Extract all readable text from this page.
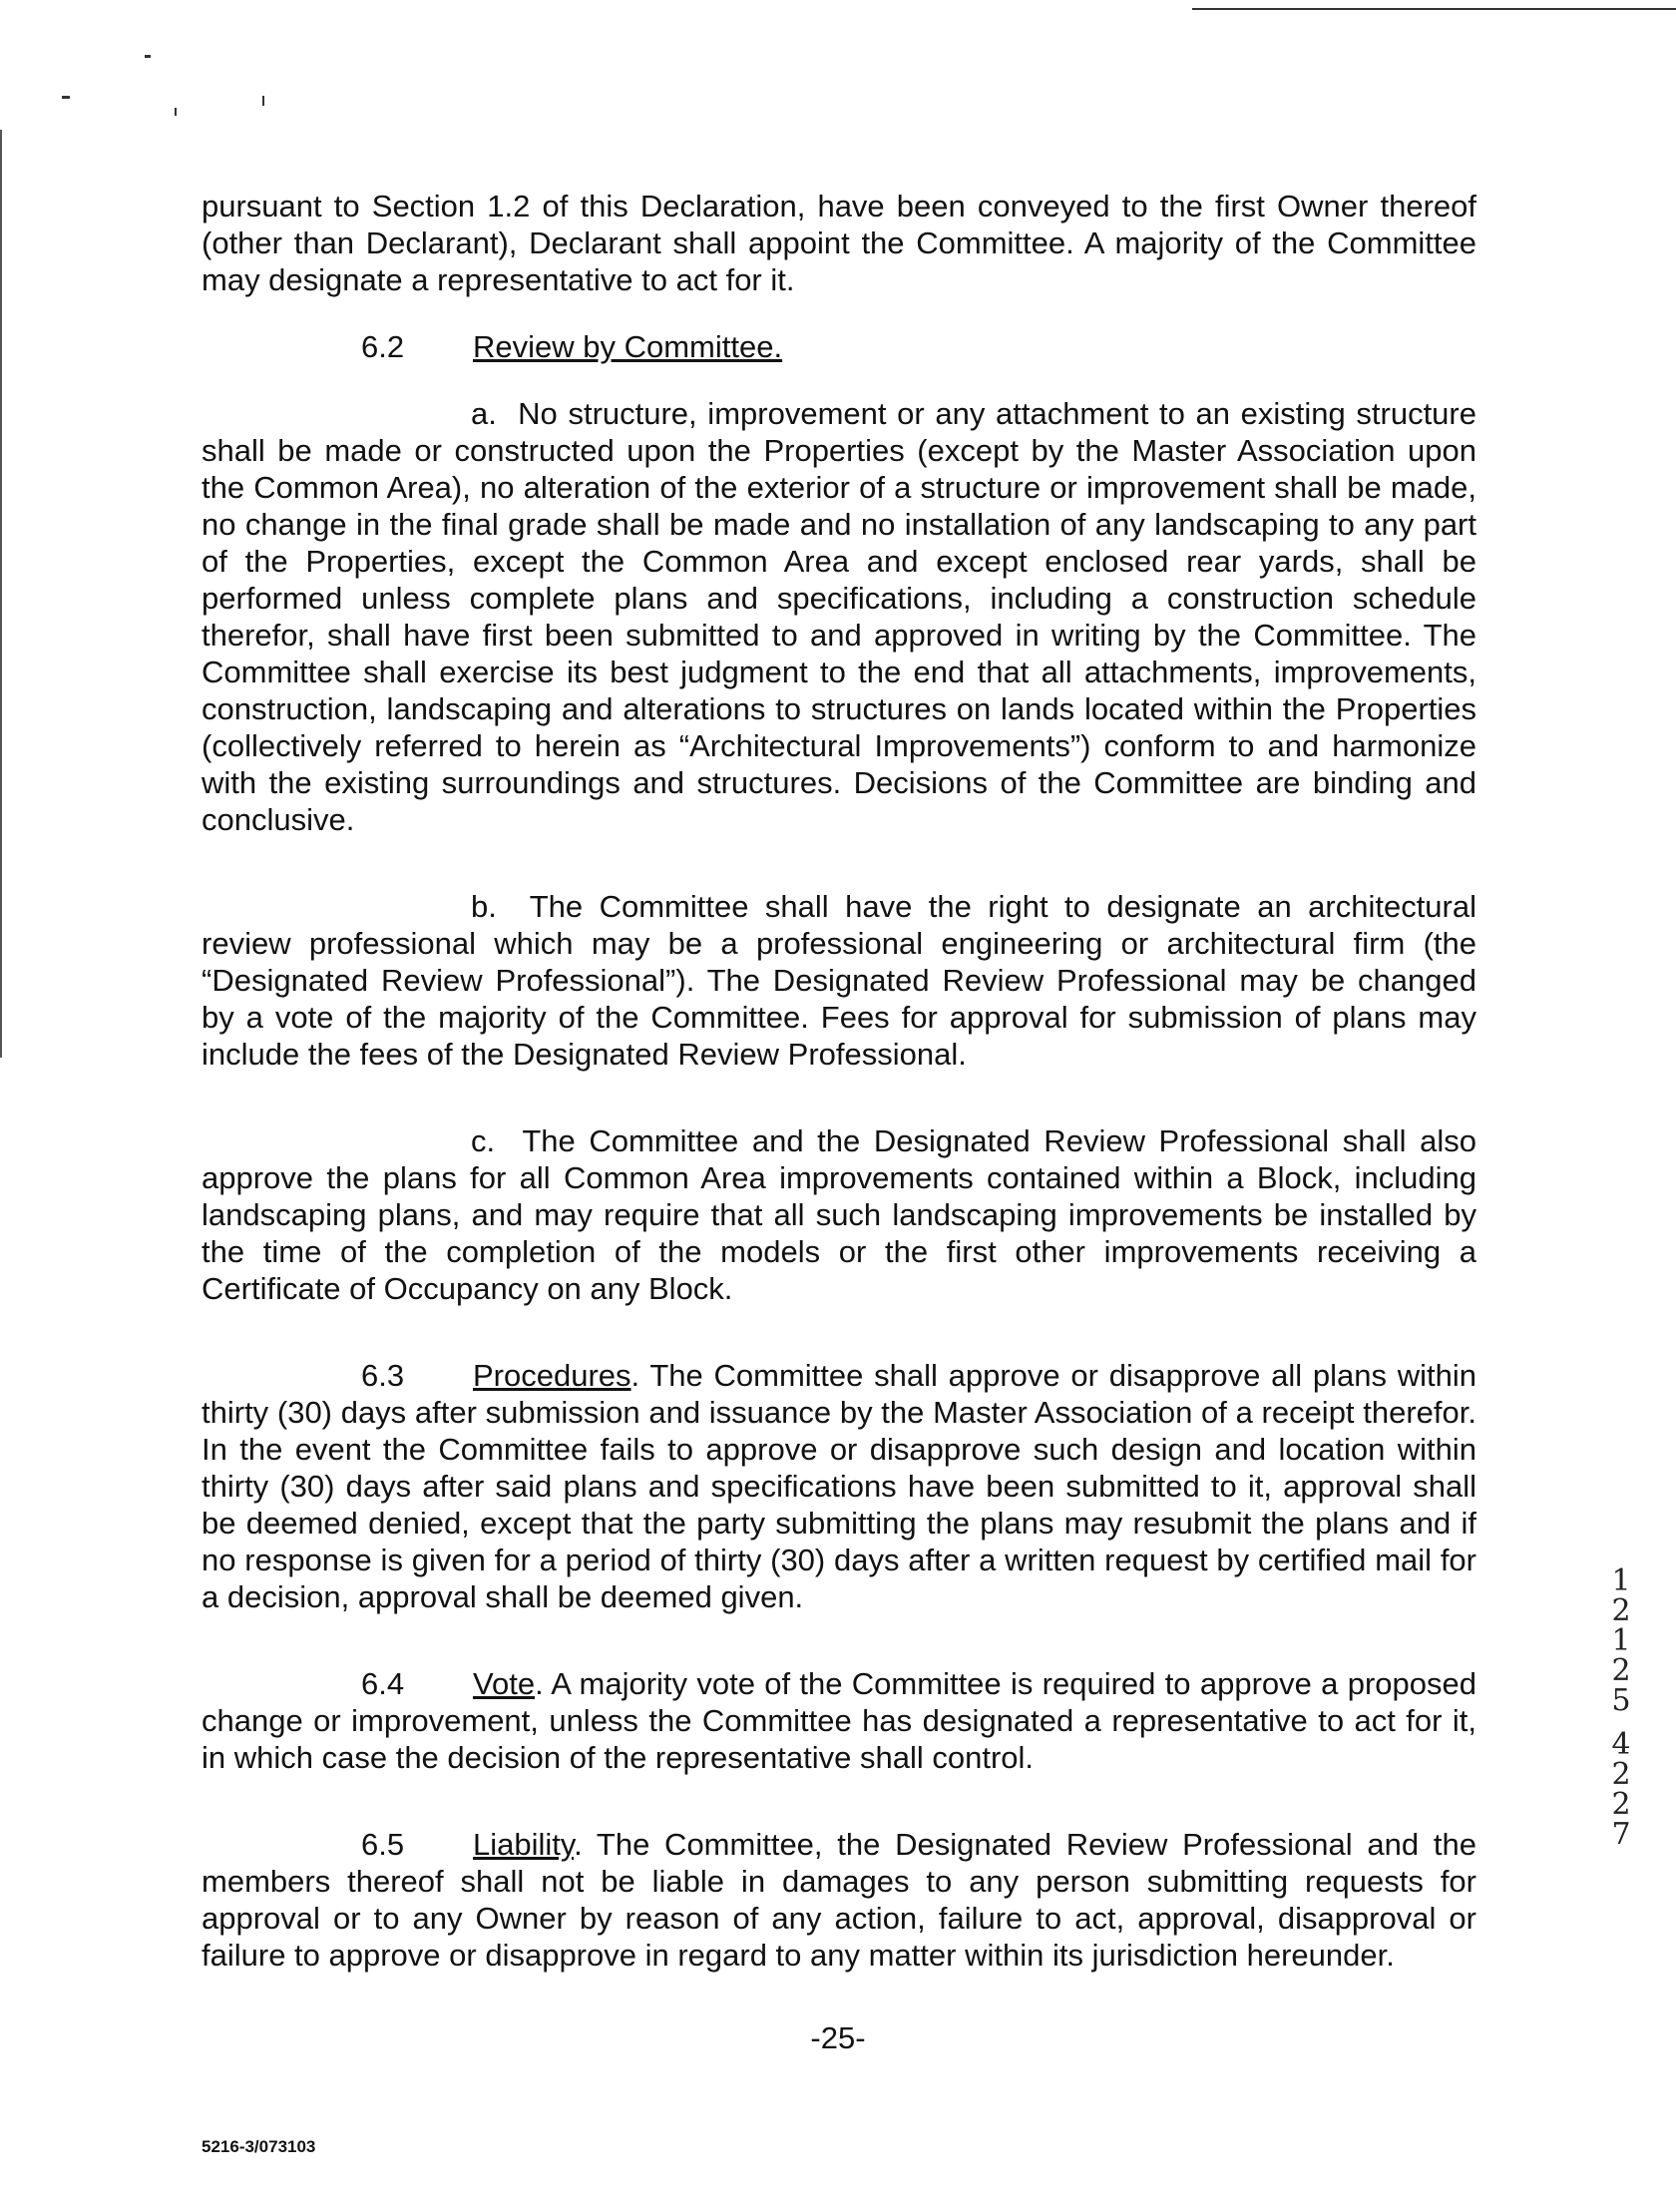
pursuant to Section 1.2 of this Declaration, have been conveyed to the first Owner thereof (other than Declarant), Declarant shall appoint the Committee. A majority of the Committee may designate a representative to act for it.

6.2 Review by Committee.

a. No structure, improvement or any attachment to an existing structure shall be made or constructed upon the Properties (except by the Master Association upon the Common Area), no alteration of the exterior of a structure or improvement shall be made, no change in the final grade shall be made and no installation of any landscaping to any part of the Properties, except the Common Area and except enclosed rear yards, shall be performed unless complete plans and specifications, including a construction schedule therefor, shall have first been submitted to and approved in writing by the Committee. The Committee shall exercise its best judgment to the end that all attachments, improvements, construction, landscaping and alterations to structures on lands located within the Properties (collectively referred to herein as “Architectural Improvements”) conform to and harmonize with the existing surroundings and structures. Decisions of the Committee are binding and conclusive.

b. The Committee shall have the right to designate an architectural review professional which may be a professional engineering or architectural firm (the “Designated Review Professional”). The Designated Review Professional may be changed by a vote of the majority of the Committee. Fees for approval for submission of plans may include the fees of the Designated Review Professional.

c. The Committee and the Designated Review Professional shall also approve the plans for all Common Area improvements contained within a Block, including landscaping plans, and may require that all such landscaping improvements be installed by the time of the completion of the models or the first other improvements receiving a Certificate of Occupancy on any Block.

6.3 Procedures. The Committee shall approve or disapprove all plans within thirty (30) days after submission and issuance by the Master Association of a receipt therefor. In the event the Committee fails to approve or disapprove such design and location within thirty (30) days after said plans and specifications have been submitted to it, approval shall be deemed denied, except that the party submitting the plans may resubmit the plans and if no response is given for a period of thirty (30) days after a written request by certified mail for a decision, approval shall be deemed given.

6.4 Vote. A majority vote of the Committee is required to approve a proposed change or improvement, unless the Committee has designated a representative to act for it, in which case the decision of the representative shall control.

6.5 Liability. The Committee, the Designated Review Professional and the members thereof shall not be liable in damages to any person submitting requests for approval or to any Owner by reason of any action, failure to act, approval, disapproval or failure to approve or disapprove in regard to any matter within its jurisdiction hereunder.

-25-
5216-3/073103
1
2
1
2
5
4
2
2
7
